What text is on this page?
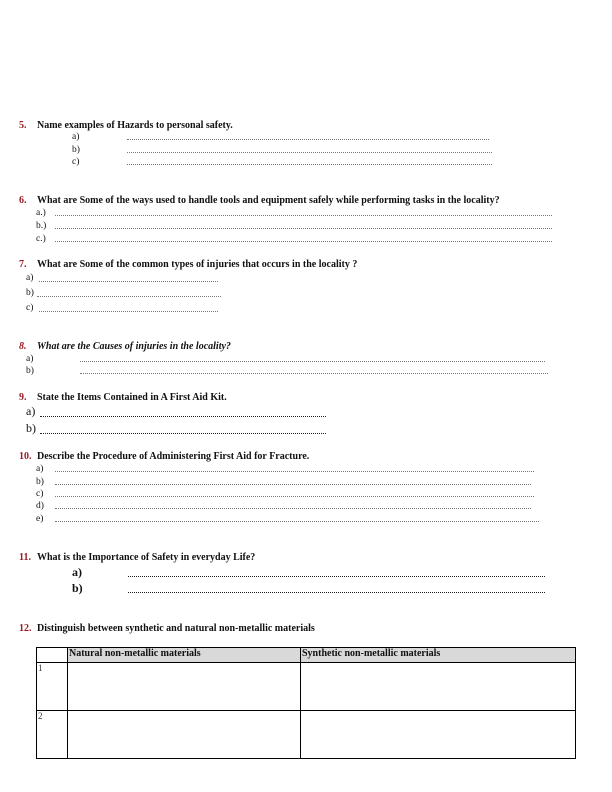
5. Name examples of Hazards to personal safety.
a)
b)
c)
6. What are Some of the ways used to handle tools and equipment safely while performing tasks in the locality?
a.)
b.)
c.)
7. What are Some of the common types of injuries that occurs in the locality ?
a)
b)
c)
8. What are the Causes of injuries in the locality?
a)
b)
9. State the Items Contained in A First Aid Kit.
a)
b)
10. Describe the Procedure of Administering First Aid for Fracture.
a)
b)
c)
d)
e)
11. What is the Importance of Safety in everyday Life?
a)
b)
12. Distinguish between synthetic and natural non-metallic materials
	Natural non-metallic materials	Synthetic non-metallic materials
1		
2		
